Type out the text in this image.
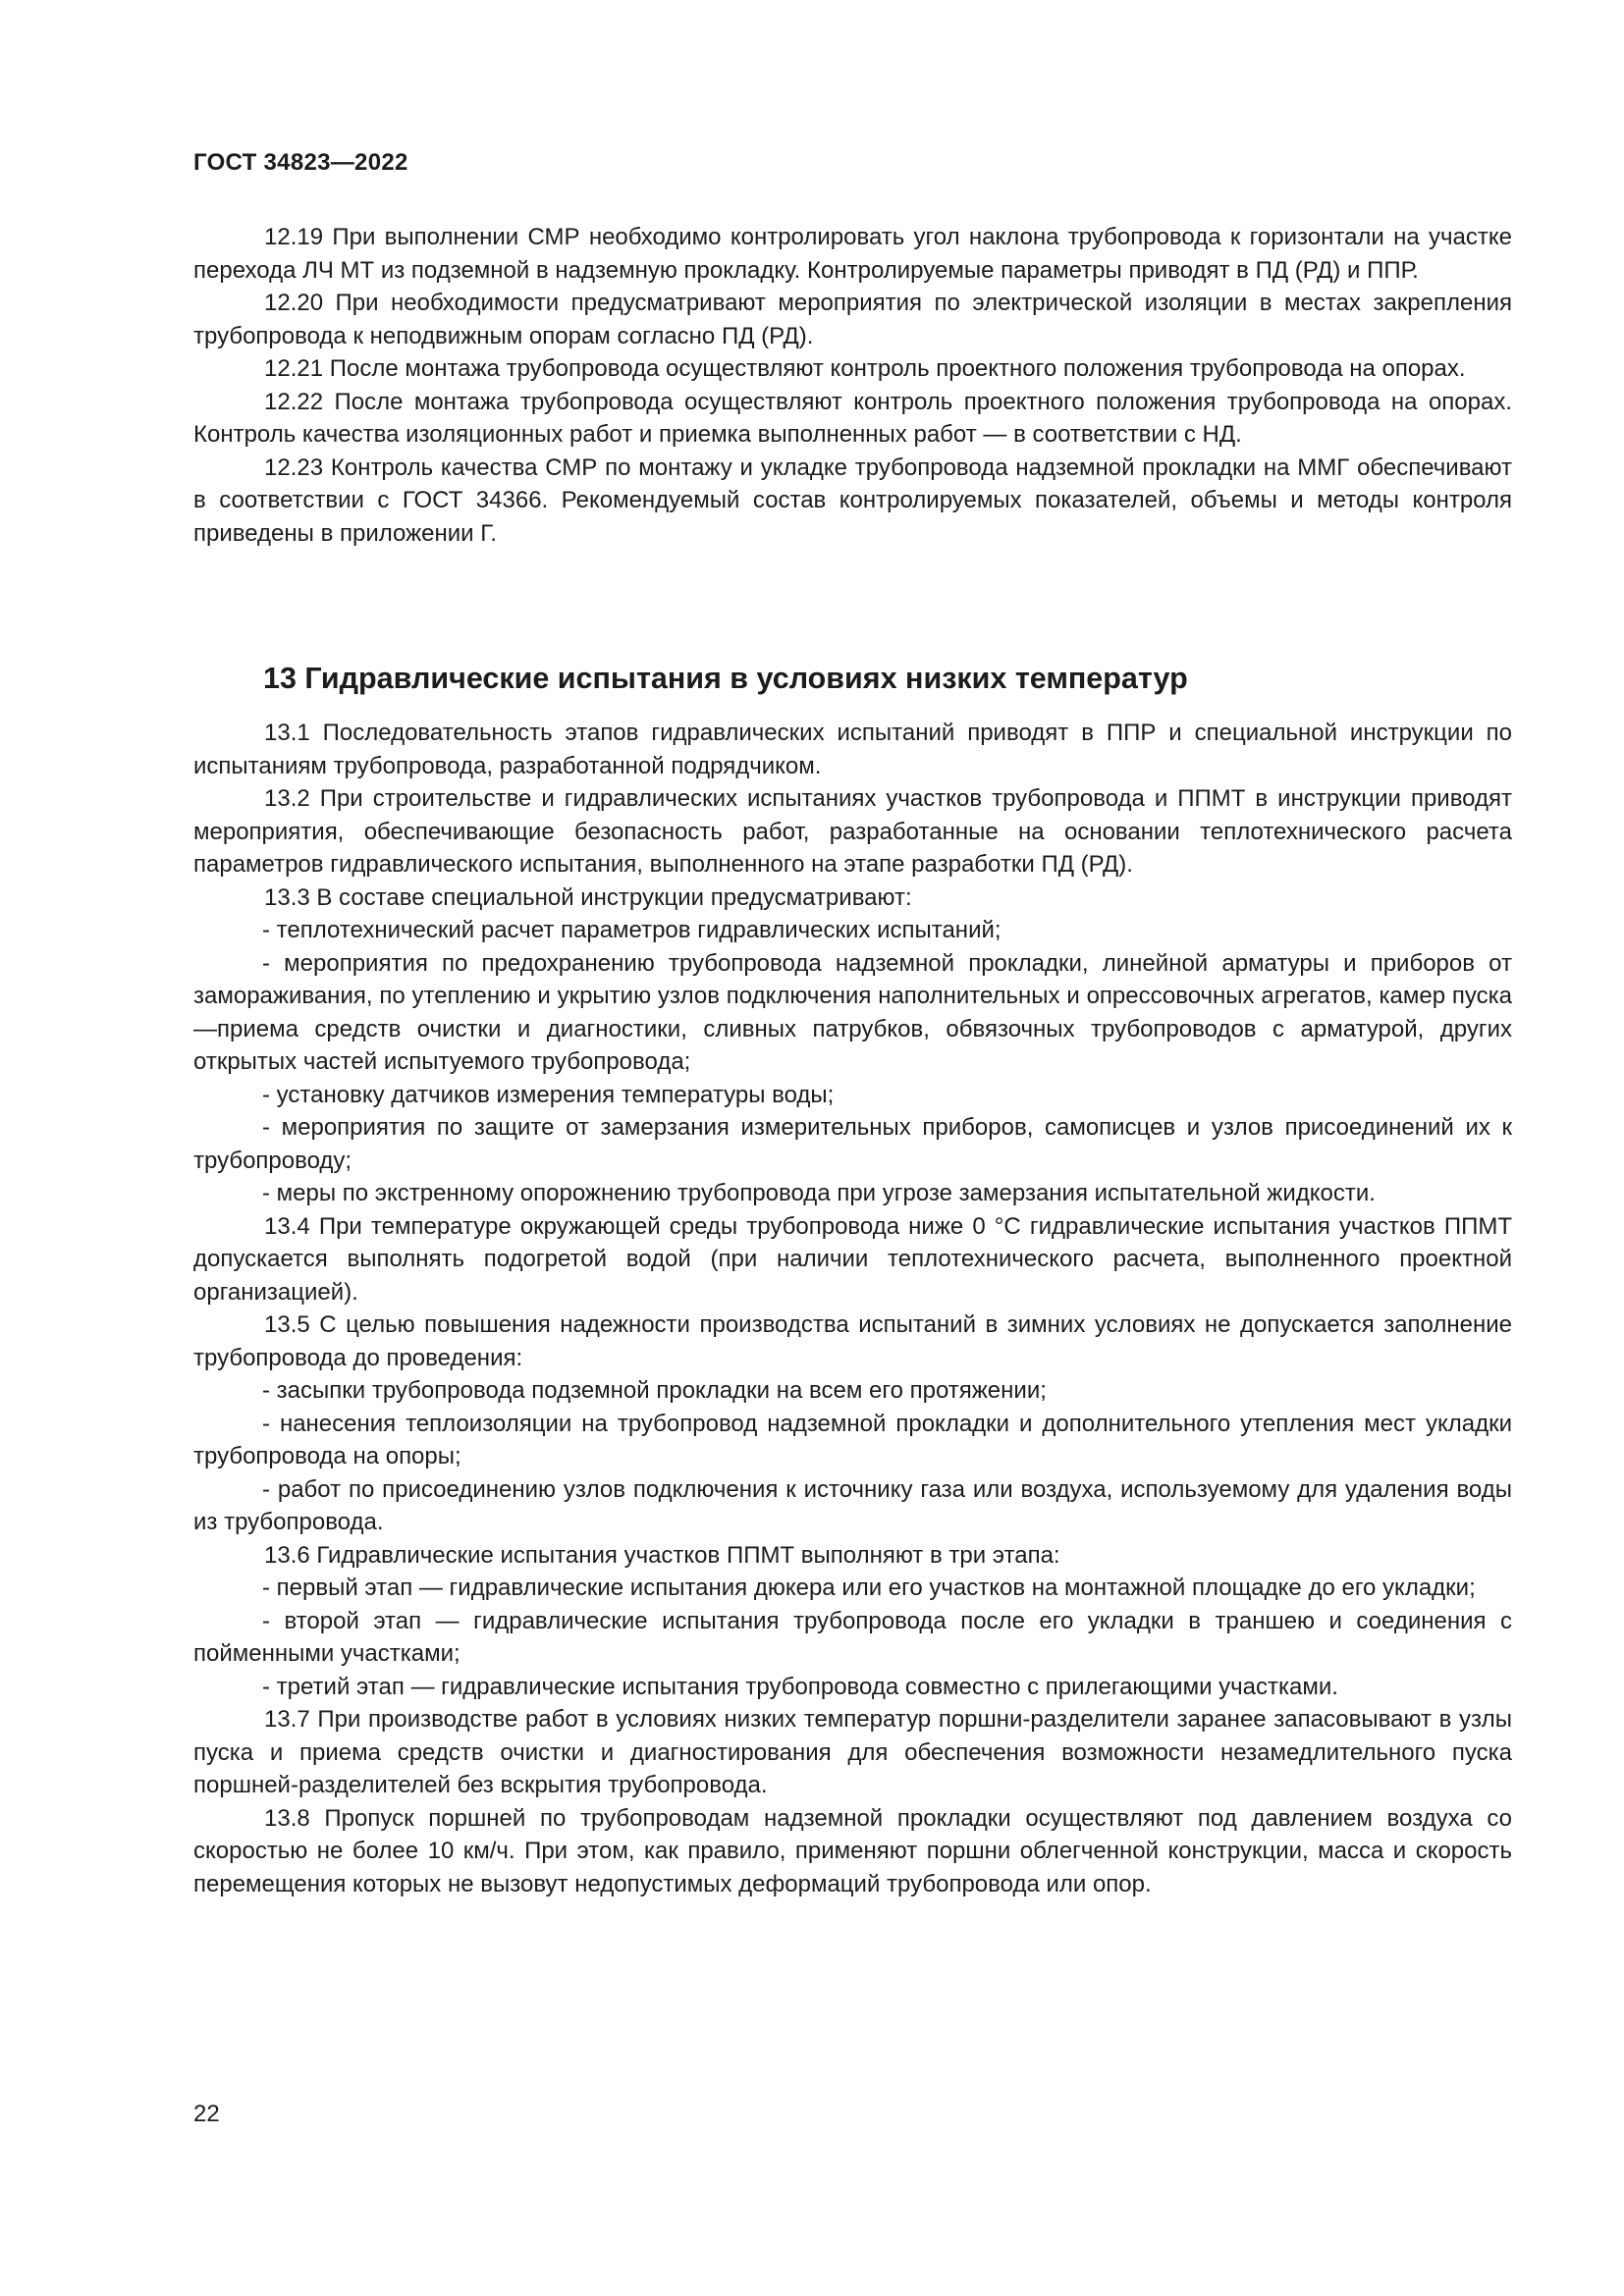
ГОСТ 34823—2022

12.19 При выполнении СМР необходимо контролировать угол наклона трубопровода к горизонтали на участке перехода ЛЧ МТ из подземной в надземную прокладку. Контролируемые параметры приводят в ПД (РД) и ППР.

12.20 При необходимости предусматривают мероприятия по электрической изоляции в местах закрепления трубопровода к неподвижным опорам согласно ПД (РД).

12.21 После монтажа трубопровода осуществляют контроль проектного положения трубопровода на опорах.

12.22 После монтажа трубопровода осуществляют контроль проектного положения трубопровода на опорах. Контроль качества изоляционных работ и приемка выполненных работ — в соответствии с НД.

12.23 Контроль качества СМР по монтажу и укладке трубопровода надземной прокладки на ММГ обеспечивают в соответствии с ГОСТ 34366. Рекомендуемый состав контролируемых показателей, объемы и методы контроля приведены в приложении Г.

13 Гидравлические испытания в условиях низких температур

13.1 Последовательность этапов гидравлических испытаний приводят в ППР и специальной инструкции по испытаниям трубопровода, разработанной подрядчиком.

13.2 При строительстве и гидравлических испытаниях участков трубопровода и ППМТ в инструкции приводят мероприятия, обеспечивающие безопасность работ, разработанные на основании теплотехнического расчета параметров гидравлического испытания, выполненного на этапе разработки ПД (РД).

13.3 В составе специальной инструкции предусматривают:

- теплотехнический расчет параметров гидравлических испытаний;

- мероприятия по предохранению трубопровода надземной прокладки, линейной арматуры и приборов от замораживания, по утеплению и укрытию узлов подключения наполнительных и опрессовочных агрегатов, камер пуска—приема средств очистки и диагностики, сливных патрубков, обвязочных трубопроводов с арматурой, других открытых частей испытуемого трубопровода;

- установку датчиков измерения температуры воды;

- мероприятия по защите от замерзания измерительных приборов, самописцев и узлов присоединений их к трубопроводу;

- меры по экстренному опорожнению трубопровода при угрозе замерзания испытательной жидкости.

13.4 При температуре окружающей среды трубопровода ниже 0 °С гидравлические испытания участков ППМТ допускается выполнять подогретой водой (при наличии теплотехнического расчета, выполненного проектной организацией).

13.5 С целью повышения надежности производства испытаний в зимних условиях не допускается заполнение трубопровода до проведения:

- засыпки трубопровода подземной прокладки на всем его протяжении;

- нанесения теплоизоляции на трубопровод надземной прокладки и дополнительного утепления мест укладки трубопровода на опоры;

- работ по присоединению узлов подключения к источнику газа или воздуха, используемому для удаления воды из трубопровода.

13.6 Гидравлические испытания участков ППМТ выполняют в три этапа:

- первый этап — гидравлические испытания дюкера или его участков на монтажной площадке до его укладки;

- второй этап — гидравлические испытания трубопровода после его укладки в траншею и соединения с пойменными участками;

- третий этап — гидравлические испытания трубопровода совместно с прилегающими участками.

13.7 При производстве работ в условиях низких температур поршни-разделители заранее запасовывают в узлы пуска и приема средств очистки и диагностирования для обеспечения возможности незамедлительного пуска поршней-разделителей без вскрытия трубопровода.

13.8 Пропуск поршней по трубопроводам надземной прокладки осуществляют под давлением воздуха со скоростью не более 10 км/ч. При этом, как правило, применяют поршни облегченной конструкции, масса и скорость перемещения которых не вызовут недопустимых деформаций трубопровода или опор.

22
